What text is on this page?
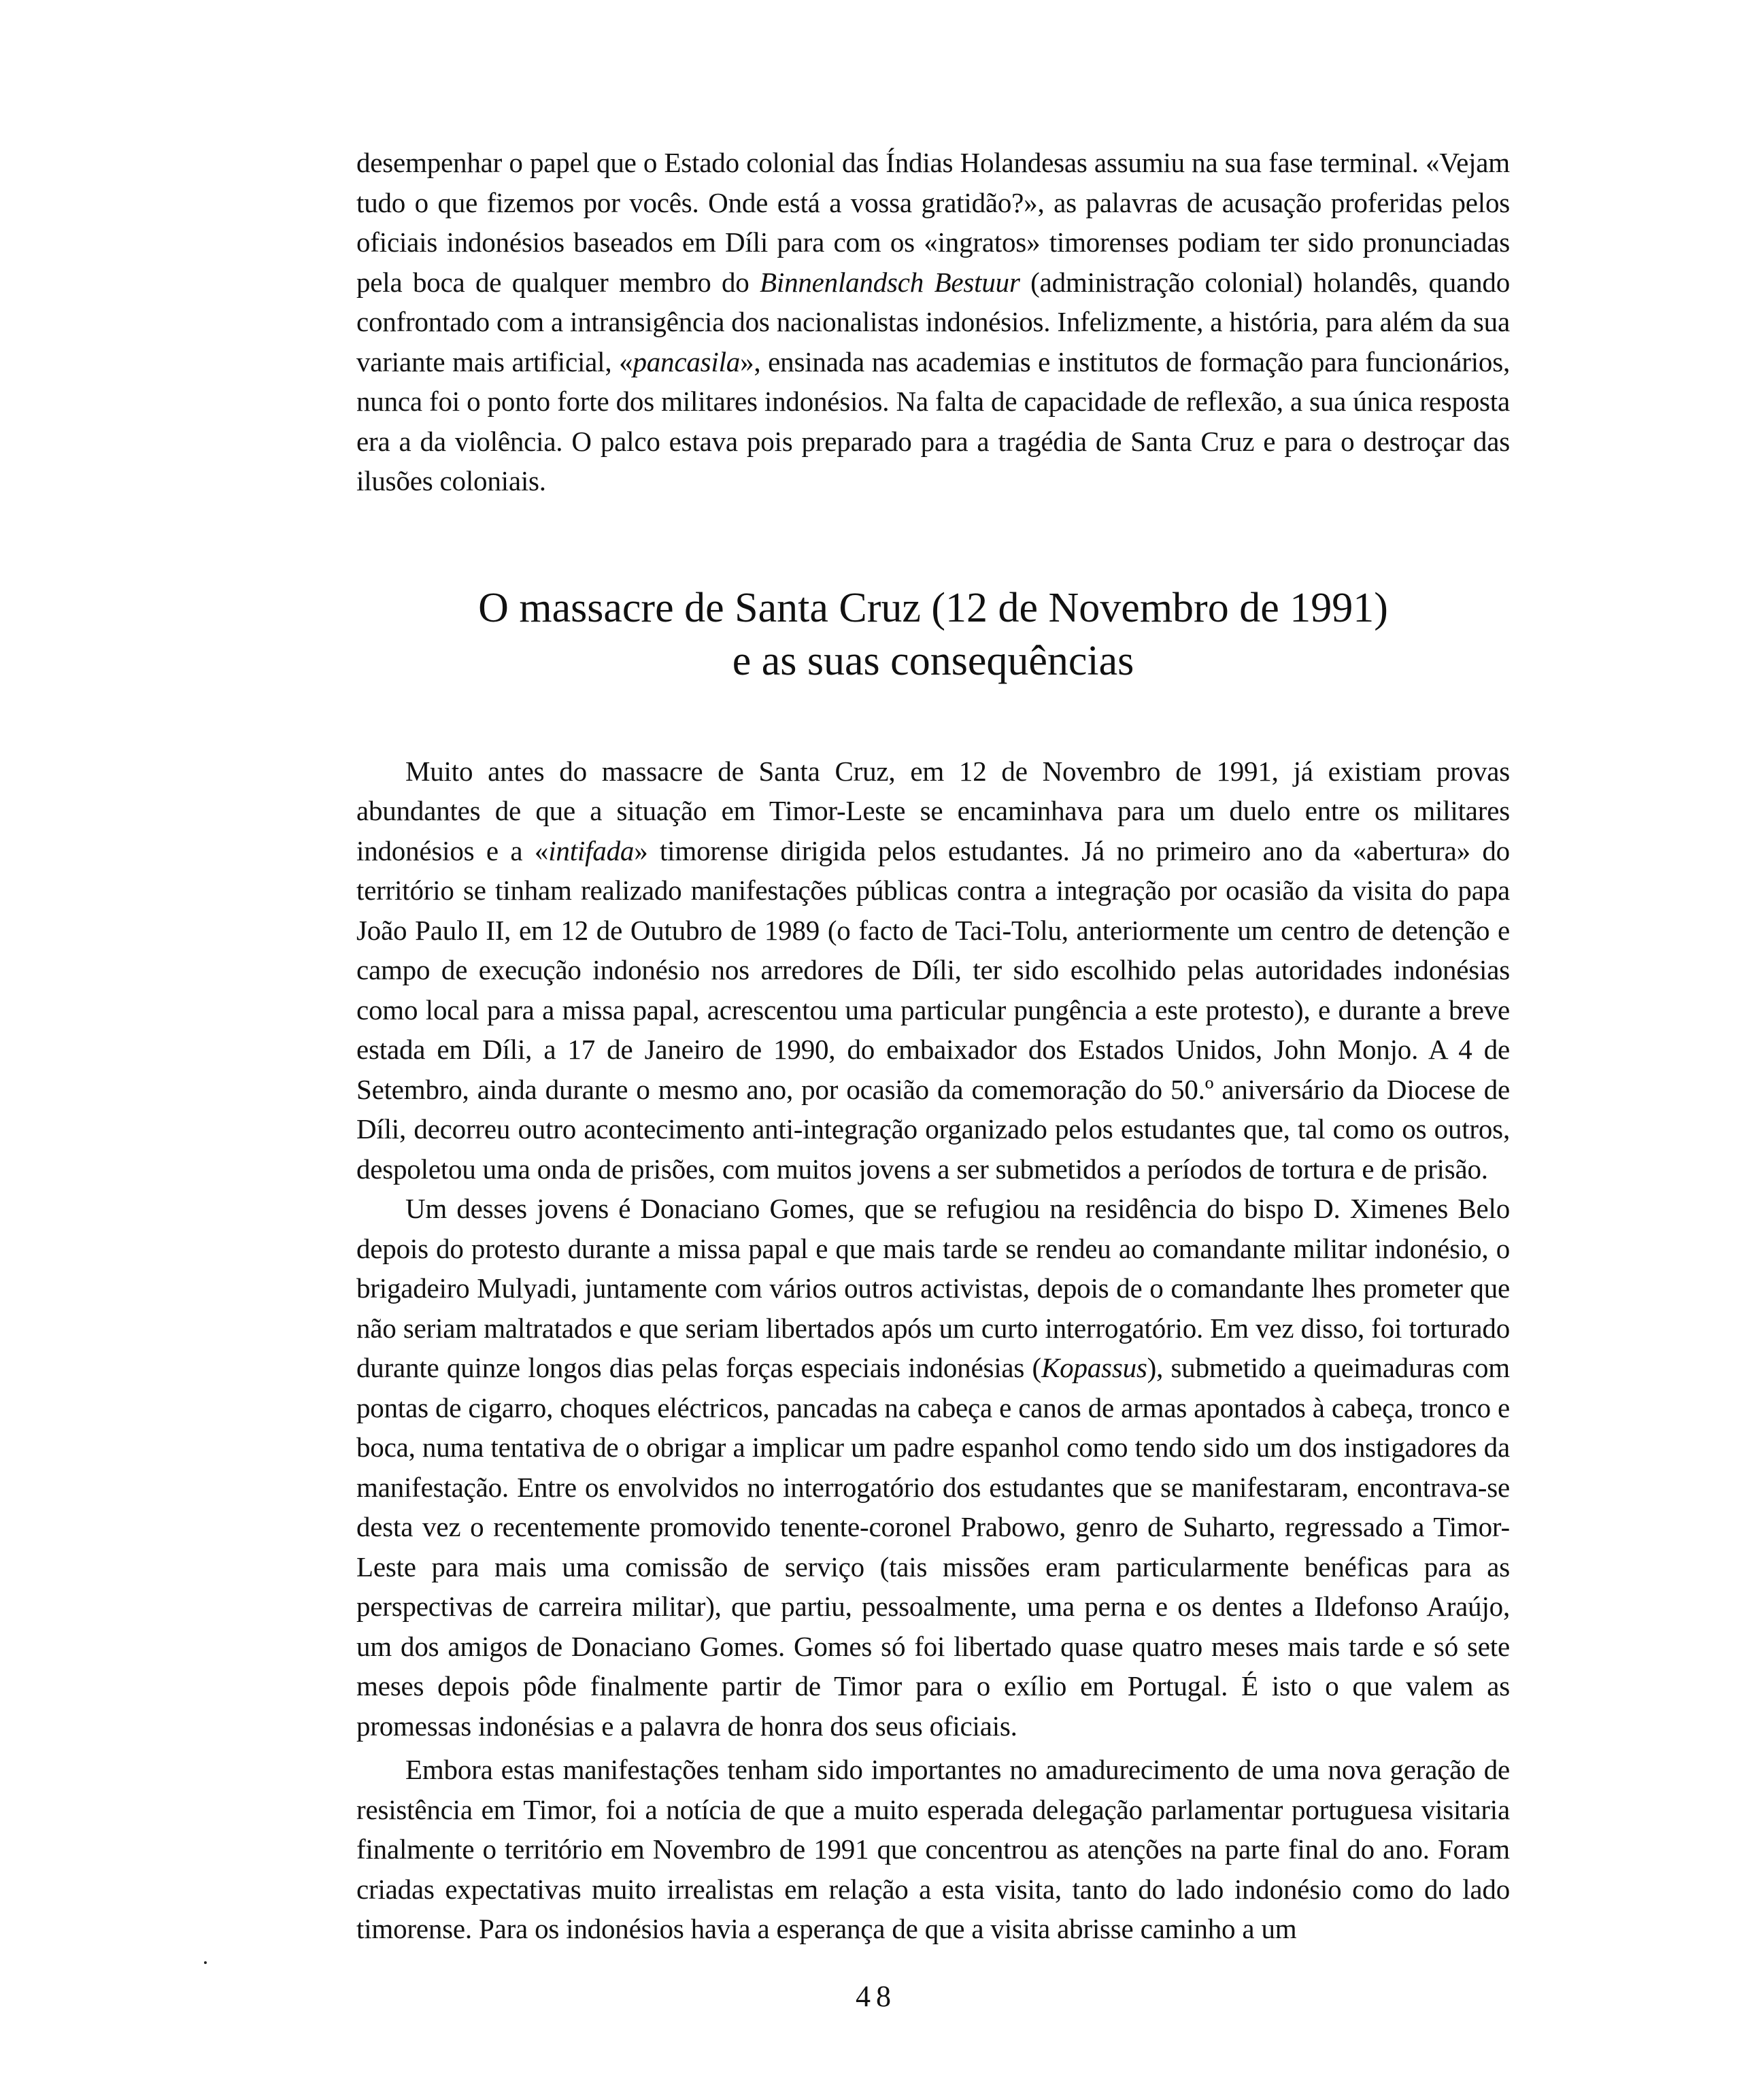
desempenhar o papel que o Estado colonial das Índias Holandesas assumiu na sua fase terminal. «Vejam tudo o que fizemos por vocês. Onde está a vossa gratidão?», as palavras de acusação proferidas pelos oficiais indonésios baseados em Díli para com os «ingratos» timorenses podiam ter sido pronunciadas pela boca de qualquer membro do Binnenlandsch Bestuur (administração colonial) holandês, quando confrontado com a intransigência dos nacionalistas indonésios. Infelizmente, a história, para além da sua variante mais artificial, «pancasila», ensinada nas academias e institutos de formação para funcionários, nunca foi o ponto forte dos militares indonésios. Na falta de capacidade de reflexão, a sua única resposta era a da violência. O palco estava pois preparado para a tragédia de Santa Cruz e para o destroçar das ilusões coloniais.

O massacre de Santa Cruz (12 de Novembro de 1991)
e as suas consequências

Muito antes do massacre de Santa Cruz, em 12 de Novembro de 1991, já existiam provas abundantes de que a situação em Timor-Leste se encaminhava para um duelo entre os militares indonésios e a «intifada» timorense dirigida pelos estudantes. Já no primeiro ano da «abertura» do território se tinham realizado manifestações públicas contra a integração por ocasião da visita do papa João Paulo II, em 12 de Outubro de 1989 (o facto de Taci-Tolu, anteriormente um centro de detenção e campo de execução indonésio nos arredores de Díli, ter sido escolhido pelas autoridades indonésias como local para a missa papal, acrescentou uma particular pungência a este protesto), e durante a breve estada em Díli, a 17 de Janeiro de 1990, do embaixador dos Estados Unidos, John Monjo. A 4 de Setembro, ainda durante o mesmo ano, por ocasião da comemoração do 50.º aniversário da Diocese de Díli, decorreu outro acontecimento anti-integração organizado pelos estudantes que, tal como os outros, despoletou uma onda de prisões, com muitos jovens a ser submetidos a períodos de tortura e de prisão.

Um desses jovens é Donaciano Gomes, que se refugiou na residência do bispo D. Ximenes Belo depois do protesto durante a missa papal e que mais tarde se rendeu ao comandante militar indonésio, o brigadeiro Mulyadi, juntamente com vários outros activistas, depois de o comandante lhes prometer que não seriam maltratados e que seriam libertados após um curto interrogatório. Em vez disso, foi torturado durante quinze longos dias pelas forças especiais indonésias (Kopassus), submetido a queimaduras com pontas de cigarro, choques eléctricos, pancadas na cabeça e canos de armas apontados à cabeça, tronco e boca, numa tentativa de o obrigar a implicar um padre espanhol como tendo sido um dos instigadores da manifestação. Entre os envolvidos no interrogatório dos estudantes que se manifestaram, encontrava-se desta vez o recentemente promovido tenente-coronel Prabowo, genro de Suharto, regressado a Timor-Leste para mais uma comissão de serviço (tais missões eram particularmente benéficas para as perspectivas de carreira militar), que partiu, pessoalmente, uma perna e os dentes a Ildefonso Araújo, um dos amigos de Donaciano Gomes. Gomes só foi libertado quase quatro meses mais tarde e só sete meses depois pôde finalmente partir de Timor para o exílio em Portugal. É isto o que valem as promessas indonésias e a palavra de honra dos seus oficiais.

Embora estas manifestações tenham sido importantes no amadurecimento de uma nova geração de resistência em Timor, foi a notícia de que a muito esperada delegação parlamentar portuguesa visitaria finalmente o território em Novembro de 1991 que concentrou as atenções na parte final do ano. Foram criadas expectativas muito irrealistas em relação a esta visita, tanto do lado indonésio como do lado timorense. Para os indonésios havia a esperança de que a visita abrisse caminho a um

48
